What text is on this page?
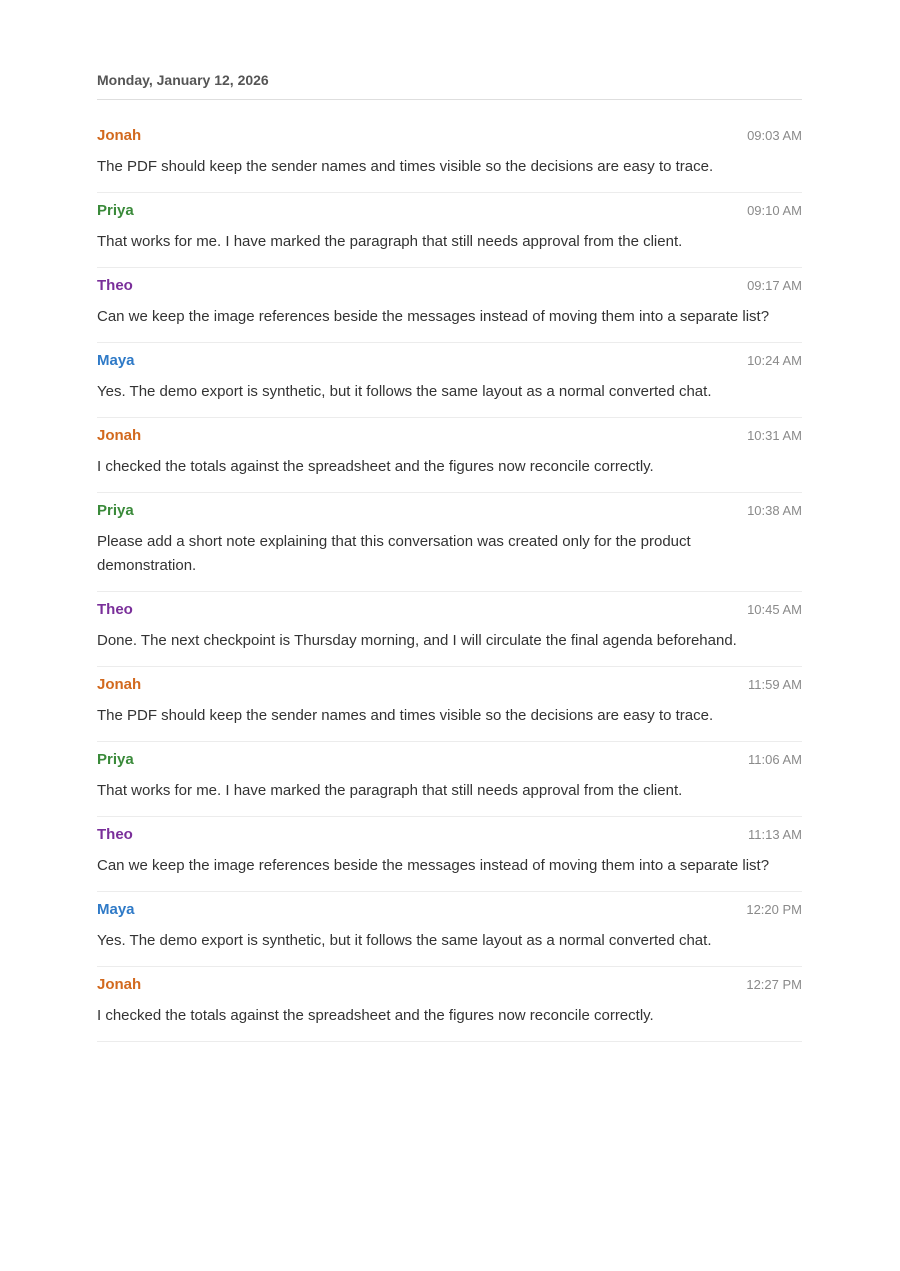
Monday, January 12, 2026
Jonah	09:03 AM
The PDF should keep the sender names and times visible so the decisions are easy to trace.
Priya	09:10 AM
That works for me. I have marked the paragraph that still needs approval from the client.
Theo	09:17 AM
Can we keep the image references beside the messages instead of moving them into a separate list?
Maya	10:24 AM
Yes. The demo export is synthetic, but it follows the same layout as a normal converted chat.
Jonah	10:31 AM
I checked the totals against the spreadsheet and the figures now reconcile correctly.
Priya	10:38 AM
Please add a short note explaining that this conversation was created only for the product demonstration.
Theo	10:45 AM
Done. The next checkpoint is Thursday morning, and I will circulate the final agenda beforehand.
Jonah	11:59 AM
The PDF should keep the sender names and times visible so the decisions are easy to trace.
Priya	11:06 AM
That works for me. I have marked the paragraph that still needs approval from the client.
Theo	11:13 AM
Can we keep the image references beside the messages instead of moving them into a separate list?
Maya	12:20 PM
Yes. The demo export is synthetic, but it follows the same layout as a normal converted chat.
Jonah	12:27 PM
I checked the totals against the spreadsheet and the figures now reconcile correctly.
